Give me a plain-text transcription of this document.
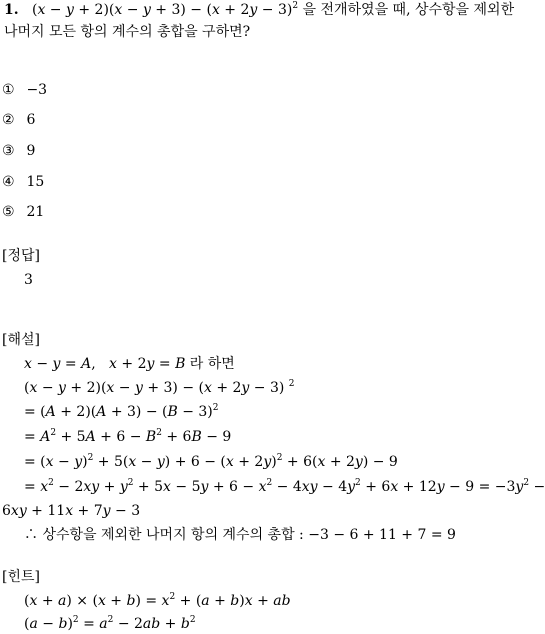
1.   $(x - y + 2)(x - y + 3) - (x + 2y - 3)^2$ 을 전개하였을 때, 상수항을 제외한
나머지 모든 항의 계수의 총합을 구하면?
① −3
② 6
③ 9
④ 15
⑤ 21
[정답]
3
[해설]
x − y = A,   x + 2y = B 라 하면
(x − y + 2)(x − y + 3) − (x + 2y − 3) $^2$
= $(A + 2)(A + 3) - (B - 3)^2$
= $A^2 + 5A + 6 - B^2 + 6B - 9$
= $(x - y)^2 + 5(x - y) + 6 - (x + 2y)^2 + 6(x + 2y) - 9$
= $x^2 - 2xy + y^2 + 5x - 5y + 6 - x^2 - 4xy - 4y^2 + 6x + 12y - 9 = -3y^2$ −
6xy + 11x + 7y − 3
∴ 상수항을 제외한 나머지 항의 계수의 총합 : −3 − 6 + 11 + 7 = 9
[힌트]
$(x + a) \times (x + b) = x^2 + (a + b)x$ + ab
$(a - b)^2 = a^2 - 2ab + b^2$
